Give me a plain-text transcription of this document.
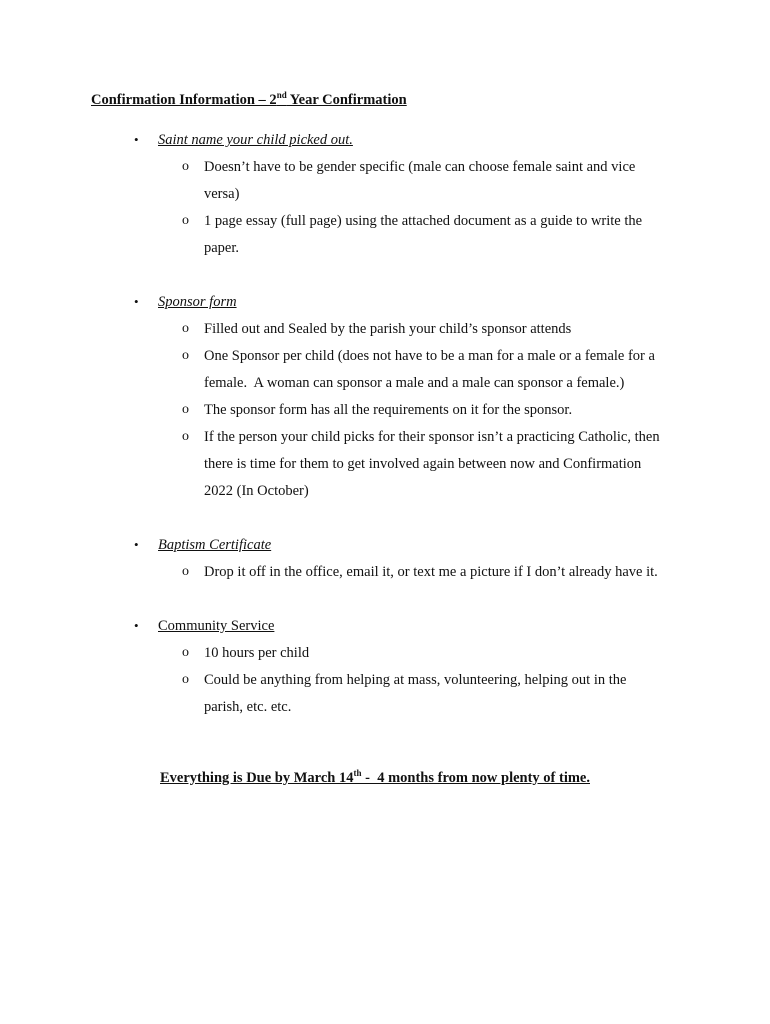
Confirmation Information – 2nd Year Confirmation
• Saint name your child picked out.
o Doesn’t have to be gender specific (male can choose female saint and vice
versa)
o 1 page essay (full page) using the attached document as a guide to write the
paper.
• Sponsor form
o Filled out and Sealed by the parish your child’s sponsor attends
o One Sponsor per child (does not have to be a man for a male or a female for a
female.  A woman can sponsor a male and a male can sponsor a female.)
o The sponsor form has all the requirements on it for the sponsor.
o If the person your child picks for their sponsor isn’t a practicing Catholic, then
there is time for them to get involved again between now and Confirmation
2022 (In October)
• Baptism Certificate
o Drop it off in the office, email it, or text me a picture if I don’t already have it.
• Community Service
o 10 hours per child
o Could be anything from helping at mass, volunteering, helping out in the
parish, etc. etc.
Everything is Due by March 14th -  4 months from now plenty of time.
